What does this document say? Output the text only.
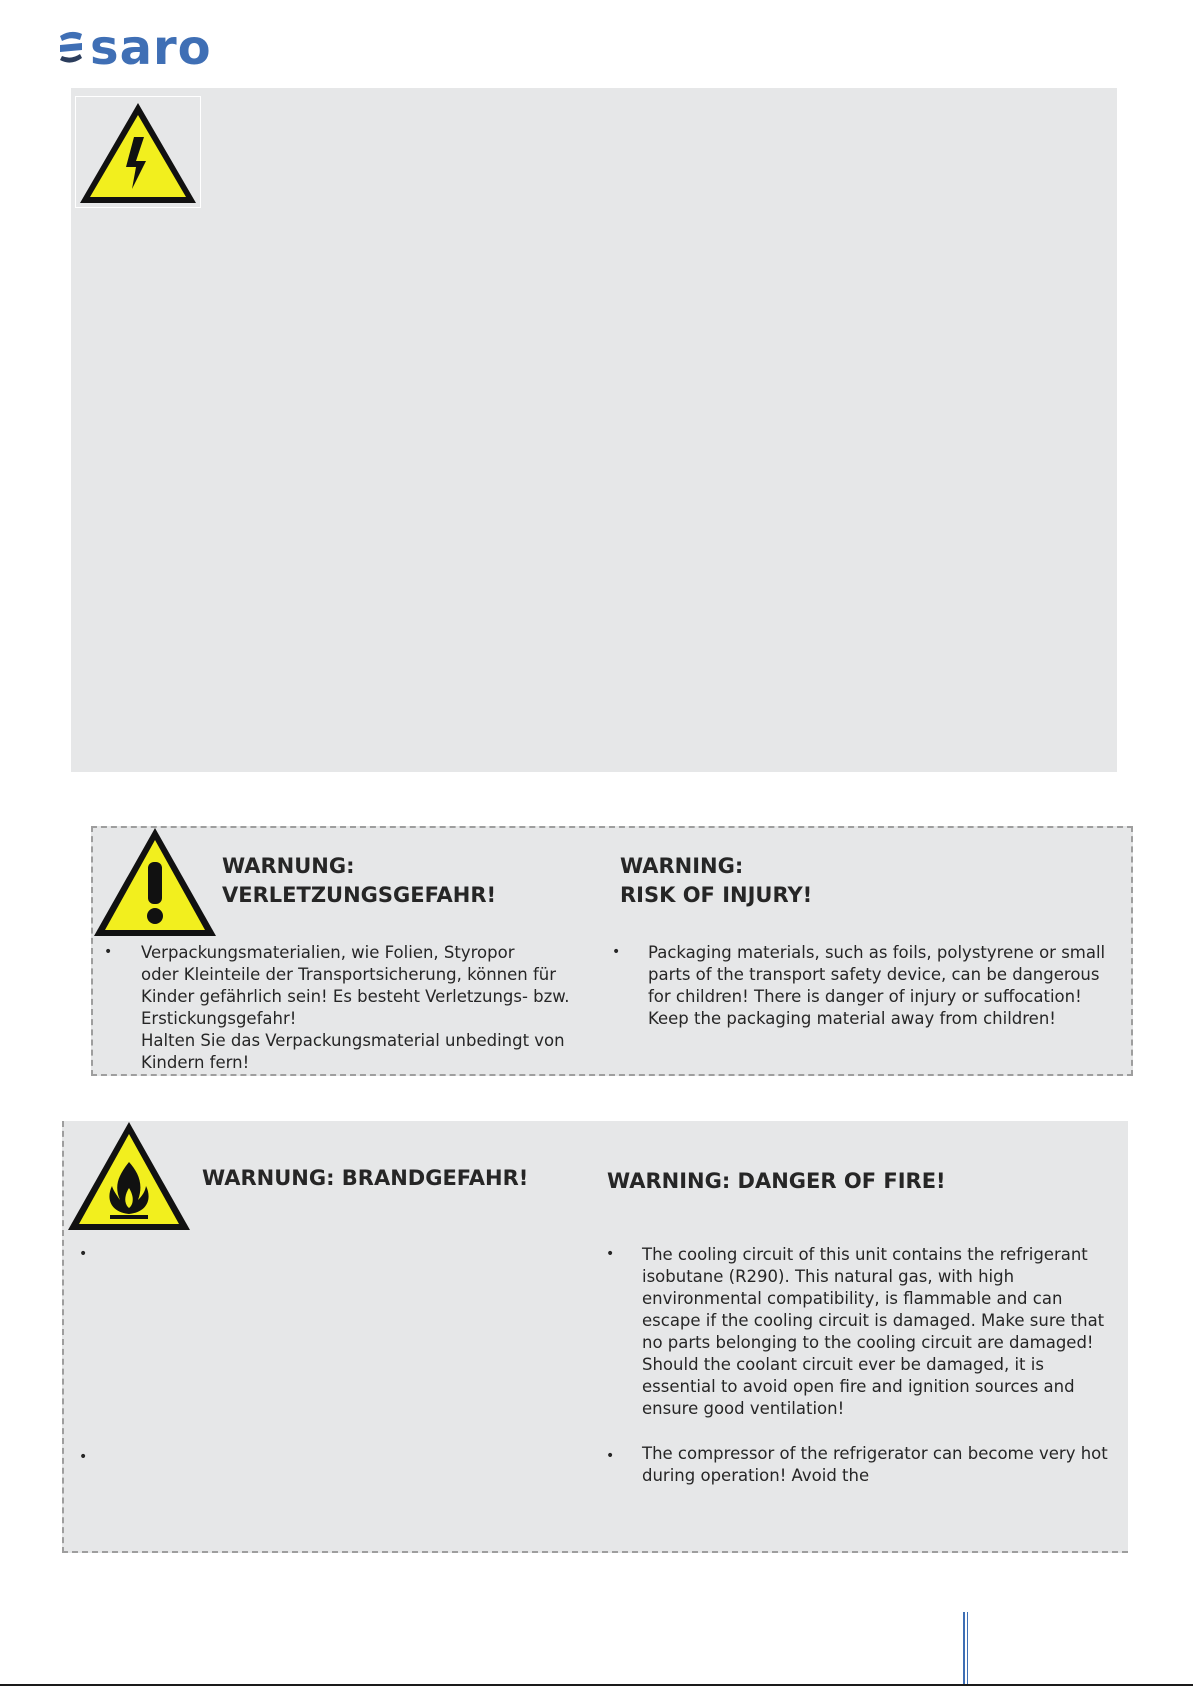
saro
WARNUNG:
VERLETZUNGSGEFAHR!
WARNING:
RISK OF INJURY!
• Verpackungsmaterialien, wie Folien, Styropor
oder Kleinteile der Transportsicherung, können für
Kinder gefährlich sein! Es besteht Verletzungs- bzw.
Erstickungsgefahr!
Halten Sie das Verpackungsmaterial unbedingt von
Kindern fern!
• Packaging materials, such as foils, polystyrene or small
parts of the transport safety device, can be dangerous
for children! There is danger of injury or suffocation!
Keep the packaging material away from children!
WARNUNG: BRANDGEFAHR!	WARNING: DANGER OF FIRE!
•
•
• The cooling circuit of this unit contains the refrigerant
isobutane (R290). This natural gas, with high
environmental compatibility, is flammable and can
escape if the cooling circuit is damaged. Make sure that
no parts belonging to the cooling circuit are damaged!
Should the coolant circuit ever be damaged, it is
essential to avoid open fire and ignition sources and
ensure good ventilation!
• The compressor of the refrigerator can become very hot
during operation! Avoid the
